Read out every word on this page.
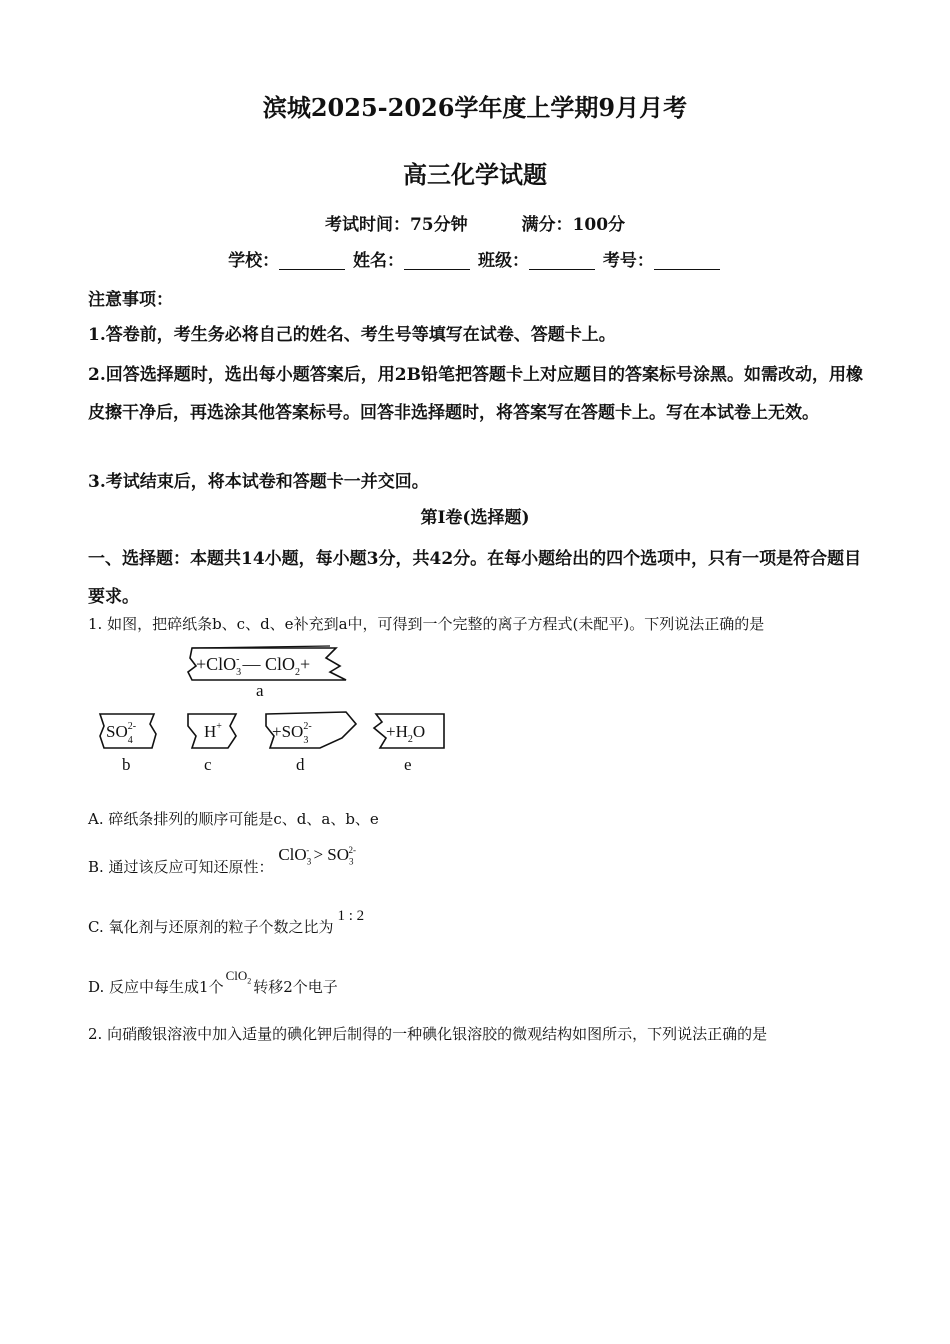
滨城2025-2026学年度上学期9月月考
高三化学试题
考试时间：75分钟	满分：100分
学校：	姓名：	班级：	考号：
注意事项：
1.答卷前，考生务必将自己的姓名、考生号等填写在试卷、答题卡上。
2.回答选择题时，选出每小题答案后，用2B铅笔把答题卡上对应题目的答案标号涂黑。如需改动，用橡皮擦干净后，再选涂其他答案标号。回答非选择题时，将答案写在答题卡上。写在本试卷上无效。
3.考试结束后，将本试卷和答题卡一并交回。
第I卷(选择题)
一、选择题：本题共14小题，每小题3分，共42分。在每小题给出的四个选项中，只有一项是符合题目要求。
1. 如图，把碎纸条b、c、d、e补充到a中，可得到一个完整的离子方程式(未配平)。下列说法正确的是
+ClO$_3$- — ClO$_2$+
a
$SO_42-$
b
H+
c
$+SO_32-$
d
$+H_2O$
e
A. 碎纸条排列的顺序可能是c、d、a、b、e
B. 通过该反应可知还原性： $ClO_3^- > SO_3^{2-}$
C. 氧化剂与还原剂的粒子个数之比为1 : 2
D. 反应中每生成1个ClO$_2$ 转移2个电子
2. 向硝酸银溶液中加入适量的碘化钾后制得的一种碘化银溶胶的微观结构如图所示，下列说法正确的是
